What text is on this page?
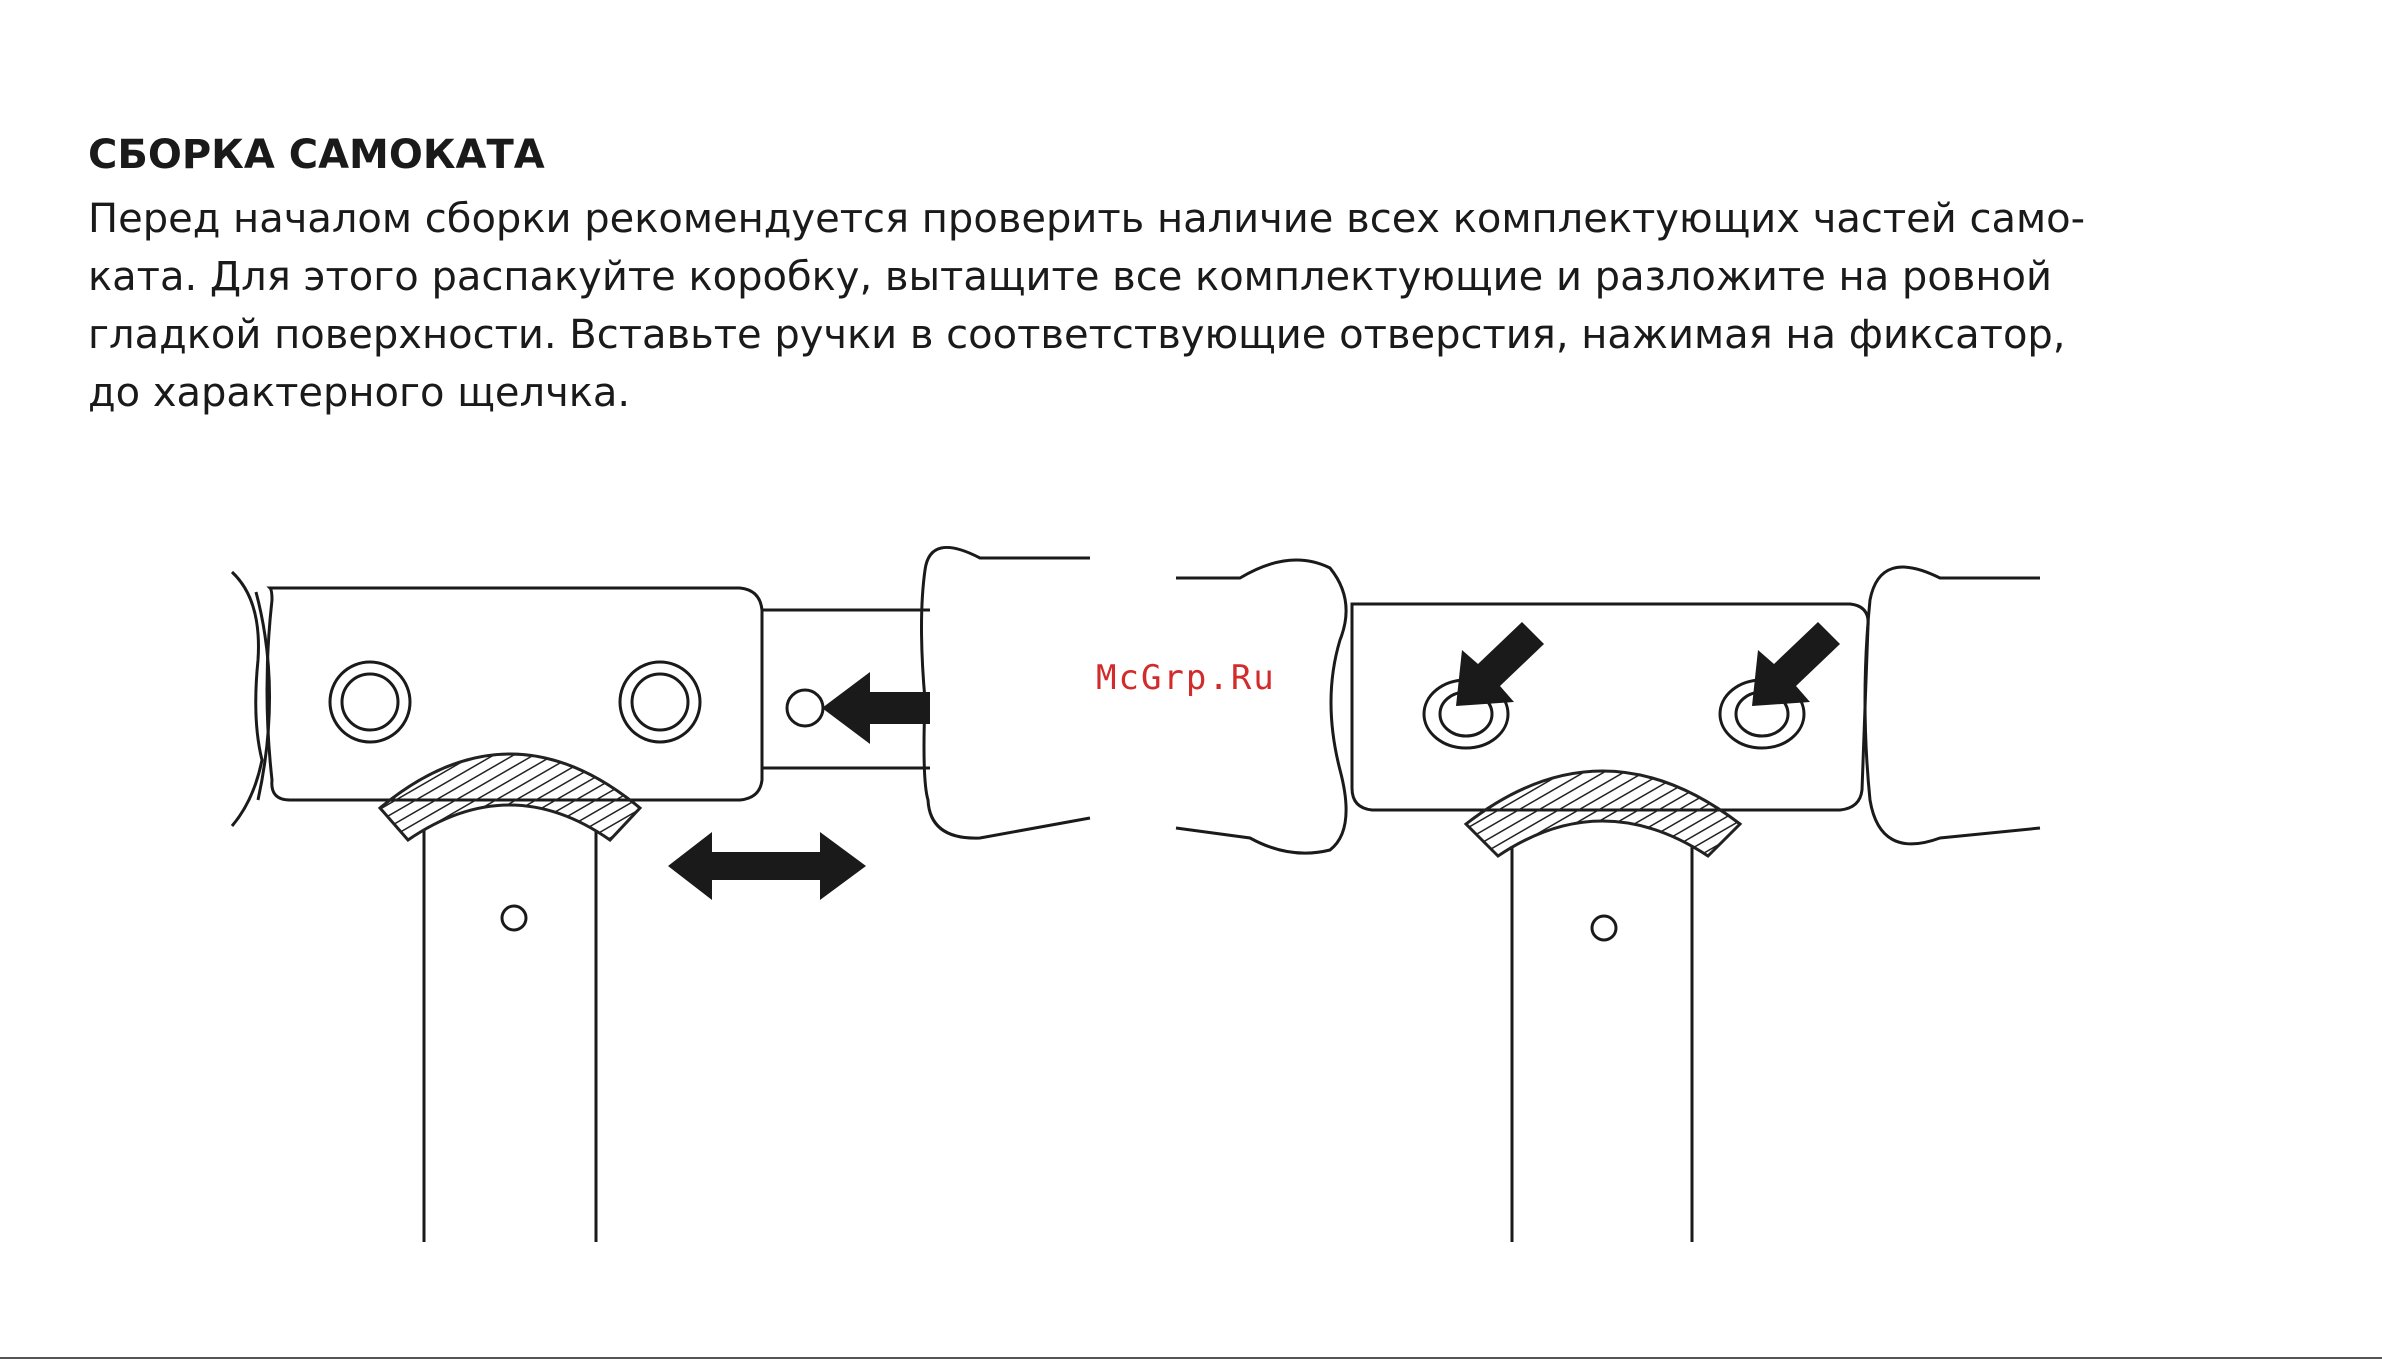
СБОРКА САМОКАТА
Перед началом сборки рекомендуется проверить наличие всех комплектующих частей само-
ката. Для этого распакуйте коробку, вытащите все комплектующие и разложите на ровной
гладкой поверхности. Вставьте ручки в соответствующие отверстия, нажимая на фиксатор,
до характерного щелчка.
McGrp.Ru
